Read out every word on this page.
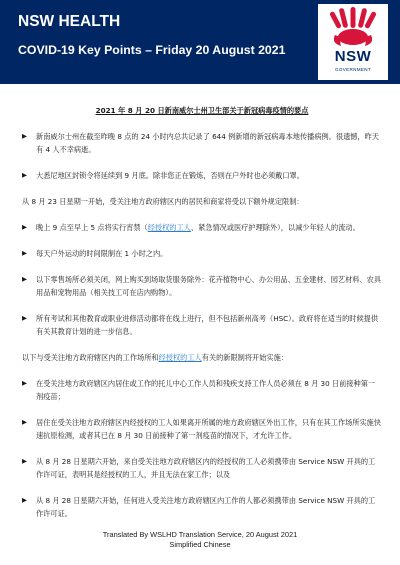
NSW HEALTH
COVID-19 Key Points – Friday 20 August 2021	NSW
GOVERNMENT
2021 年 8 月 20 日新南威尔士州卫生部关于新冠病毒疫情的要点
▶	新南威尔士州在截至昨晚 8 点的 24 小时内总共记录了 644 例新增的新冠病毒本地传播病例。很遗憾，昨天有 4 人不幸病逝。
▶	大悉尼地区封锁令将延续到 9 月底。除非您正在锻炼，否则在户外时也必须戴口罩。
从 8 月 23 日星期一开始，受关注地方政府辖区内的居民和商家将受以下额外规定限制：
▶	晚上 9 点至早上 5 点将实行宵禁（经授权的工人、紧急情况或医疗护理除外），以减少年轻人的流动。
▶	每天户外运动的时间限制在 1 小时之内。
▶	以下零售场所必须关闭，网上购买到场取货服务除外：花卉植物中心、办公用品、五金建材、园艺材料、农具用品和宠物用品（相关技工可在店内购物）。
▶	所有考试和其他教育或职业进修活动都将在线上进行，但不包括新州高考（HSC）。政府将在适当的时候提供有关其教育计划的进一步信息。
以下与受关注地方政府辖区内的工作场所和经授权的工人有关的新限制将开始实施：
▶	在受关注地方政府辖区内居住或工作的托儿中心工作人员和残疾支持工作人员必须在 8 月 30 日前接种第一剂疫苗；
▶	居住在受关注地方政府辖区内经授权的工人如果离开所属的地方政府辖区外出工作，只有在其工作场所实施快速抗原检测，或者其已在 8 月 30 日前接种了第一剂疫苗的情况下，才允许工作。
▶	从 8 月 28 日星期六开始，来自受关注地方政府辖区内的经授权的工人必须携带由 Service NSW 开具的工作许可证，表明其是经授权的工人，并且无法在家工作；以及
▶	从 8 月 28 日星期六开始，任何进入受关注地方政府辖区内工作的人都必须携带由 Service NSW 开具的工作许可证。
Translated By WSLHD Translation Service, 20 August 2021
Simplified Chinese
